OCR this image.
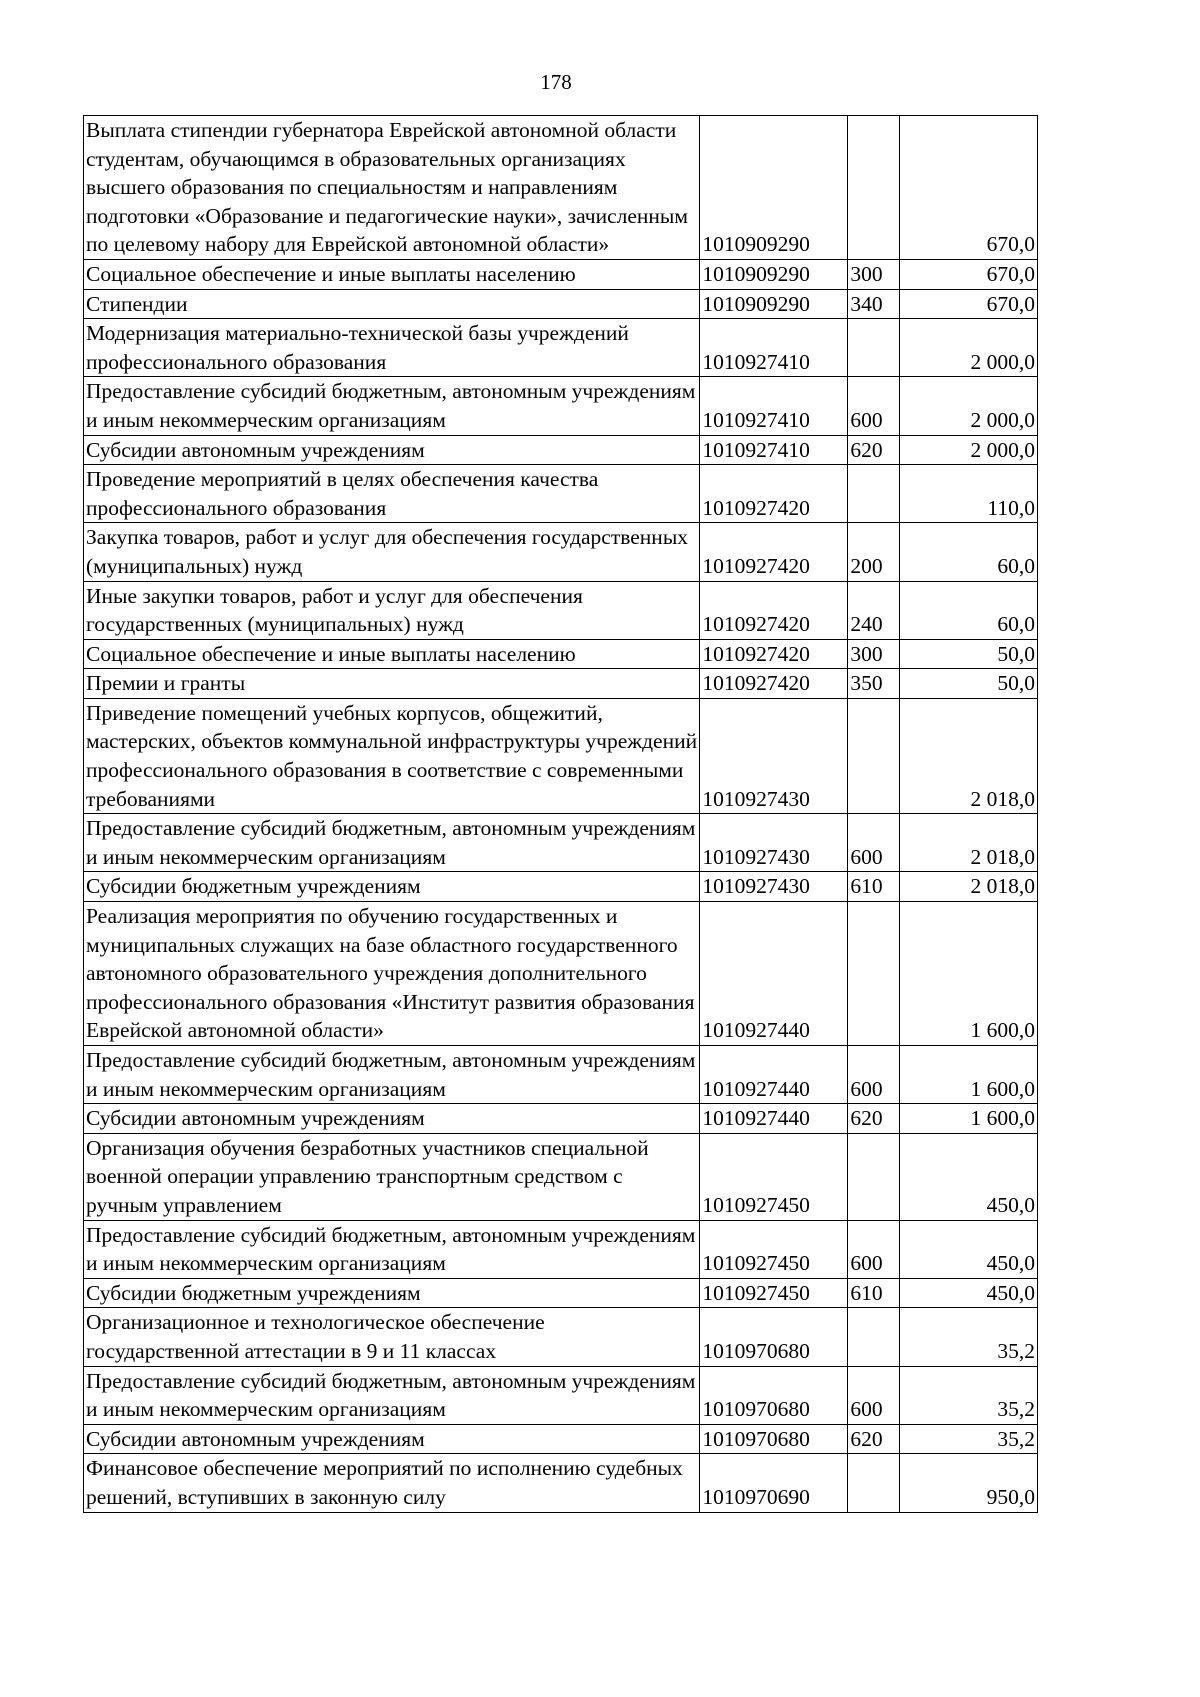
178
Выплата стипендии губернатора Еврейской автономной области студентам, обучающимся в образовательных организациях высшего образования по специальностям и направлениям подготовки «Образование и педагогические науки», зачисленным по целевому набору для Еврейской автономной области»	1010909290		670,0
Социальное обеспечение и иные выплаты населению	1010909290	300	670,0
Стипендии	1010909290	340	670,0
Модернизация материально-технической базы учреждений профессионального образования	1010927410		2 000,0
Предоставление субсидий бюджетным, автономным учреждениям и иным некоммерческим организациям	1010927410	600	2 000,0
Субсидии автономным учреждениям	1010927410	620	2 000,0
Проведение мероприятий в целях обеспечения качества профессионального образования	1010927420		110,0
Закупка товаров, работ и услуг для обеспечения государственных (муниципальных) нужд	1010927420	200	60,0
Иные закупки товаров, работ и услуг для обеспечения государственных (муниципальных) нужд	1010927420	240	60,0
Социальное обеспечение и иные выплаты населению	1010927420	300	50,0
Премии и гранты	1010927420	350	50,0
Приведение помещений учебных корпусов, общежитий, мастерских, объектов коммунальной инфраструктуры учреждений профессионального образования в соответствие с современными требованиями	1010927430		2 018,0
Предоставление субсидий бюджетным, автономным учреждениям и иным некоммерческим организациям	1010927430	600	2 018,0
Субсидии бюджетным учреждениям	1010927430	610	2 018,0
Реализация мероприятия по обучению государственных и муниципальных служащих на базе областного государственного автономного образовательного учреждения дополнительного профессионального образования «Институт развития образования Еврейской автономной области»	1010927440		1 600,0
Предоставление субсидий бюджетным, автономным учреждениям и иным некоммерческим организациям	1010927440	600	1 600,0
Субсидии автономным учреждениям	1010927440	620	1 600,0
Организация обучения безработных участников специальной военной операции управлению транспортным средством с ручным управлением	1010927450		450,0
Предоставление субсидий бюджетным, автономным учреждениям и иным некоммерческим организациям	1010927450	600	450,0
Субсидии бюджетным учреждениям	1010927450	610	450,0
Организационное и технологическое обеспечение государственной аттестации в 9 и 11 классах	1010970680		35,2
Предоставление субсидий бюджетным, автономным учреждениям и иным некоммерческим организациям	1010970680	600	35,2
Субсидии автономным учреждениям	1010970680	620	35,2
Финансовое обеспечение мероприятий по исполнению судебных решений, вступивших в законную силу	1010970690		950,0
